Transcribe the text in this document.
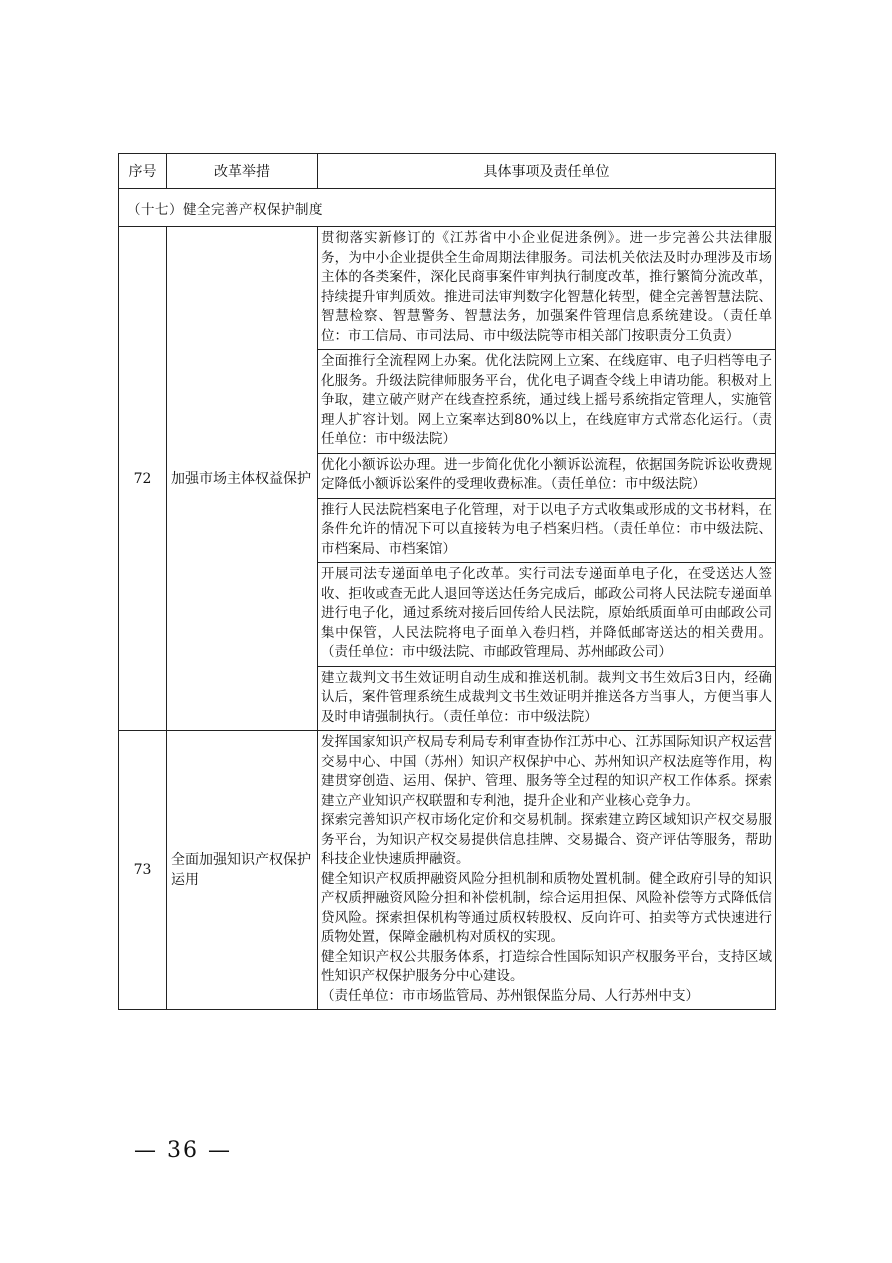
序号	改革举措	具体事项及责任单位
（十七）健全完善产权保护制度		
72	加强市场主体权益保护	贯彻落实新修订的《江苏省中小企业促进条例》。进一步完善公共法律服务，为中小企业提供全生命周期法律服务。司法机关依法及时办理涉及市场主体的各类案件，深化民商事案件审判执行制度改革，推行繁简分流改革，持续提升审判质效。推进司法审判数字化智慧化转型，健全完善智慧法院、智慧检察、智慧警务、智慧法务，加强案件管理信息系统建设。（责任单位：市工信局、市司法局、市中级法院等市相关部门按职责分工负责）
		全面推行全流程网上办案。优化法院网上立案、在线庭审、电子归档等电子化服务。升级法院律师服务平台，优化电子调查令线上申请功能。积极对上争取，建立破产财产在线查控系统，通过线上摇号系统指定管理人，实施管理人扩容计划。网上立案率达到80%以上，在线庭审方式常态化运行。（责任单位：市中级法院）
		优化小额诉讼办理。进一步简化优化小额诉讼流程，依据国务院诉讼收费规定降低小额诉讼案件的受理收费标准。（责任单位：市中级法院）
		推行人民法院档案电子化管理，对于以电子方式收集或形成的文书材料，在条件允许的情况下可以直接转为电子档案归档。（责任单位：市中级法院、市档案局、市档案馆）
		开展司法专递面单电子化改革。实行司法专递面单电子化，在受送达人签收、拒收或查无此人退回等送达任务完成后，邮政公司将人民法院专递面单进行电子化，通过系统对接后回传给人民法院，原始纸质面单可由邮政公司集中保管，人民法院将电子面单入卷归档，并降低邮寄送达的相关费用。（责任单位：市中级法院、市邮政管理局、苏州邮政公司）
		建立裁判文书生效证明自动生成和推送机制。裁判文书生效后3日内，经确认后，案件管理系统生成裁判文书生效证明并推送各方当事人，方便当事人及时申请强制执行。（责任单位：市中级法院）
73	全面加强知识产权保护运用	发挥国家知识产权局专利局专利审查协作江苏中心、江苏国际知识产权运营交易中心、中国（苏州）知识产权保护中心、苏州知识产权法庭等作用，构建贯穿创造、运用、保护、管理、服务等全过程的知识产权工作体系。探索建立产业知识产权联盟和专利池，提升企业和产业核心竞争力。

探索完善知识产权市场化定价和交易机制。探索建立跨区域知识产权交易服务平台，为知识产权交易提供信息挂牌、交易撮合、资产评估等服务，帮助科技企业快速质押融资。

健全知识产权质押融资风险分担机制和质物处置机制。健全政府引导的知识产权质押融资风险分担和补偿机制，综合运用担保、风险补偿等方式降低信贷风险。探索担保机构等通过质权转股权、反向许可、拍卖等方式快速进行质物处置，保障金融机构对质权的实现。

健全知识产权公共服务体系，打造综合性国际知识产权服务平台，支持区域性知识产权保护服务分中心建设。

（责任单位：市市场监管局、苏州银保监分局、人行苏州中支）

— 36 —
